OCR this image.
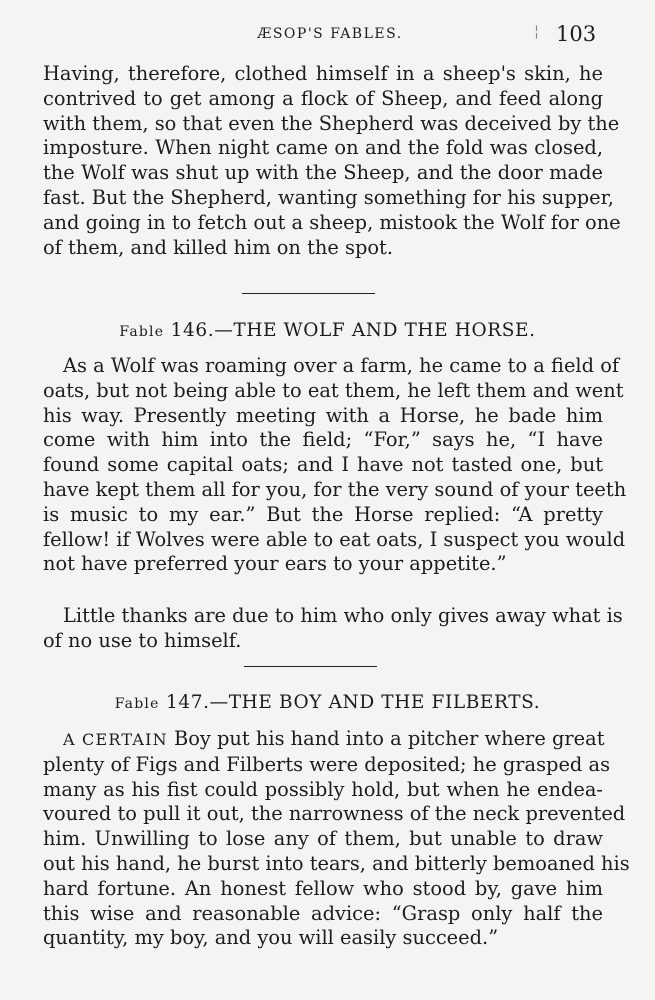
¦
ÆSOP'S FABLES.	103
Having, therefore, clothed himself in a sheep's skin, he
contrived to get among a flock of Sheep, and feed along
with them, so that even the Shepherd was deceived by the
imposture. When night came on and the fold was closed,
the Wolf was shut up with the Sheep, and the door made
fast. But the Shepherd, wanting something for his supper,
and going in to fetch out a sheep, mistook the Wolf for one
of them, and killed him on the spot.
Fable 146.—THE WOLF AND THE HORSE.
As a Wolf was roaming over a farm, he came to a field of
oats, but not being able to eat them, he left them and went
his way. Presently meeting with a Horse, he bade him
come with him into the field; “For,” says he, “I have
found some capital oats; and I have not tasted one, but
have kept them all for you, for the very sound of your teeth
is music to my ear.” But the Horse replied: “A pretty
fellow! if Wolves were able to eat oats, I suspect you would
not have preferred your ears to your appetite.”
Little thanks are due to him who only gives away what is
of no use to himself.
Fable 147.—THE BOY AND THE FILBERTS.
A CERTAIN Boy put his hand into a pitcher where great
plenty of Figs and Filberts were deposited; he grasped as
many as his fist could possibly hold, but when he endea-
voured to pull it out, the narrowness of the neck prevented
him. Unwilling to lose any of them, but unable to draw
out his hand, he burst into tears, and bitterly bemoaned his
hard fortune. An honest fellow who stood by, gave him
this wise and reasonable advice: “Grasp only half the
quantity, my boy, and you will easily succeed.”
